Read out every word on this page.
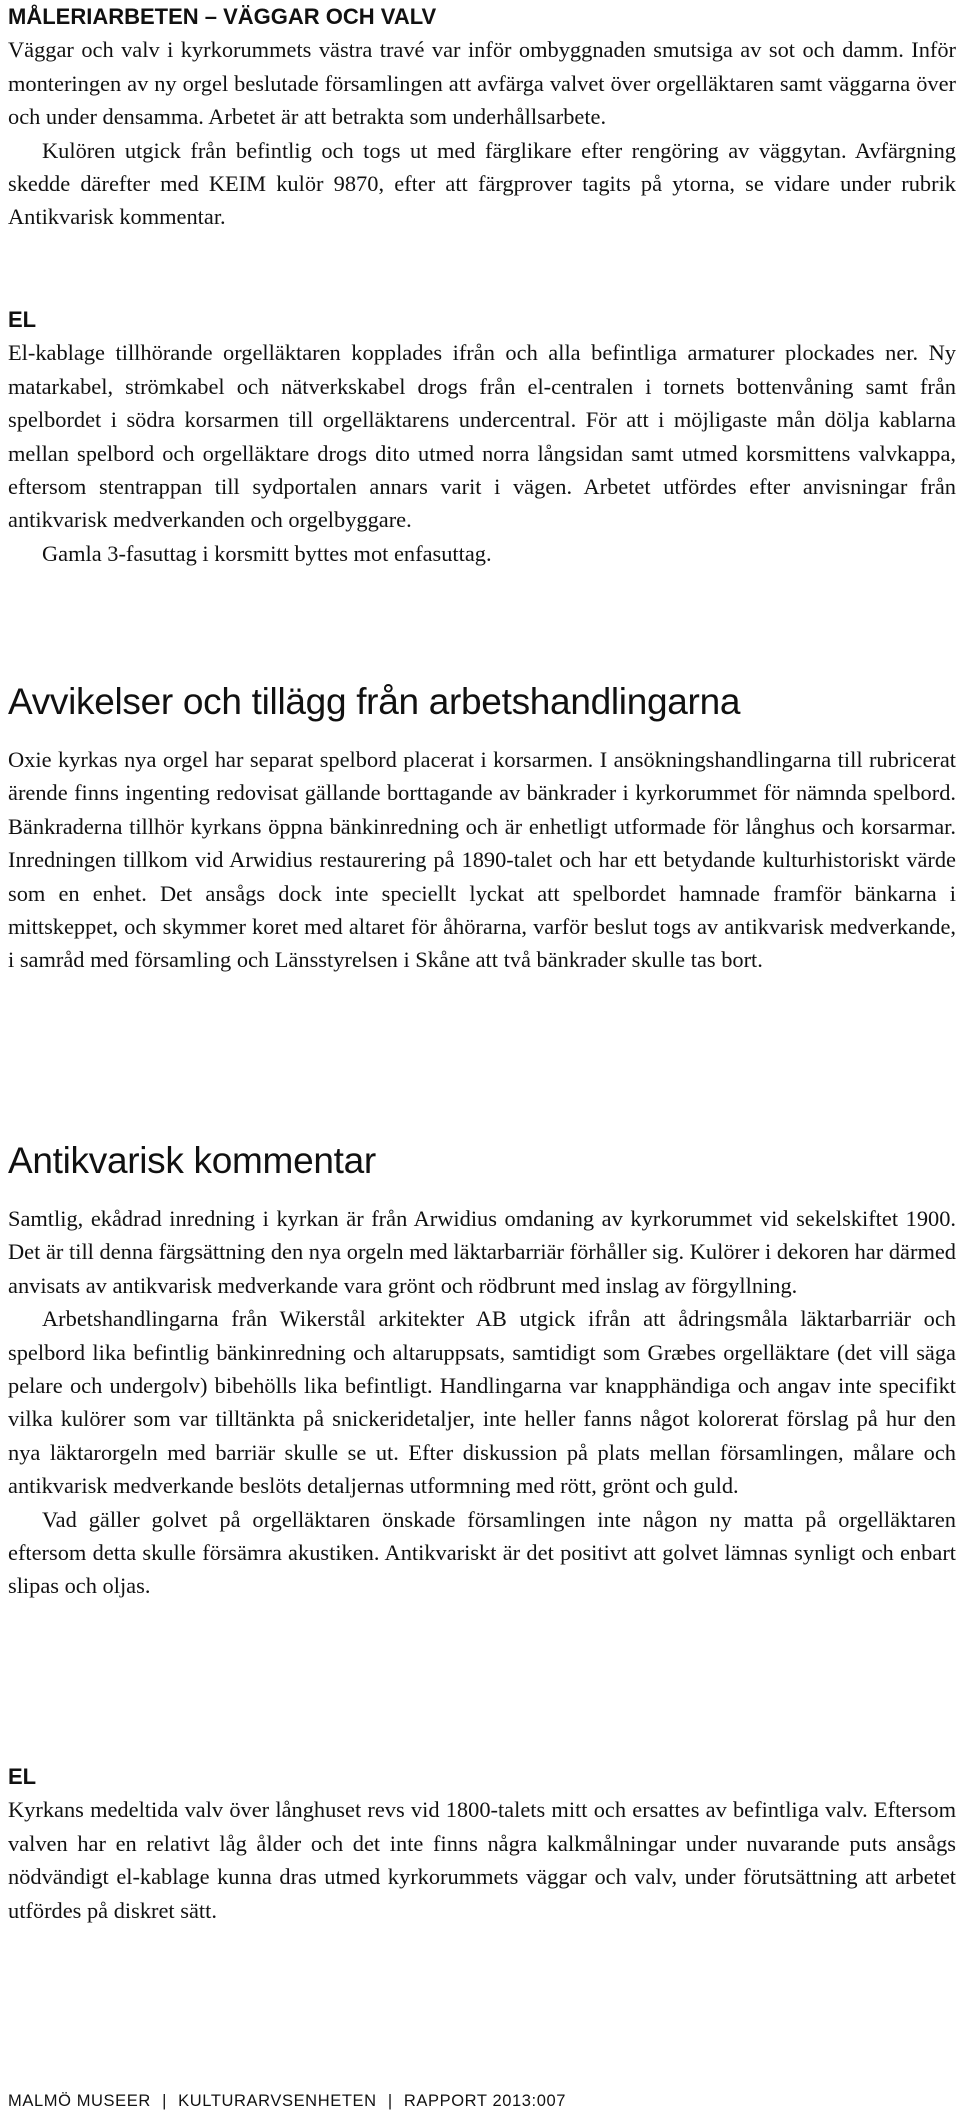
MÅLERIARBETEN – VÄGGAR OCH VALV

Väggar och valv i kyrkorummets västra travé var inför ombyggnaden smutsiga av sot och damm. Inför monteringen av ny orgel beslutade församlingen att avfärga valvet över orgelläktaren samt väggarna över och under densamma. Arbetet är att betrakta som underhållsarbete.

Kulören utgick från befintlig och togs ut med färglikare efter rengöring av väggytan. Avfärgning skedde därefter med KEIM kulör 9870, efter att färgprover tagits på ytorna, se vidare under rubrik Antikvarisk kommentar.

EL

El-kablage tillhörande orgelläktaren kopplades ifrån och alla befintliga armaturer plockades ner. Ny matarkabel, strömkabel och nätverkskabel drogs från el-centralen i tornets bottenvåning samt från spelbordet i södra korsarmen till orgelläktarens undercentral. För att i möjligaste mån dölja kablarna mellan spelbord och orgelläktare drogs dito utmed norra långsidan samt utmed korsmittens valvkappa, eftersom stentrappan till sydportalen annars varit i vägen. Arbetet utfördes efter anvisningar från antikvarisk medverkanden och orgelbyggare.

Gamla 3-fasuttag i korsmitt byttes mot enfasuttag.

Avvikelser och tillägg från arbetshandlingarna

Oxie kyrkas nya orgel har separat spelbord placerat i korsarmen. I ansökningshandlingarna till rubricerat ärende finns ingenting redovisat gällande borttagande av bänkrader i kyrkorummet för nämnda spelbord. Bänkraderna tillhör kyrkans öppna bänkinredning och är enhetligt utformade för långhus och korsarmar. Inredningen tillkom vid Arwidius restaurering på 1890-talet och har ett betydande kulturhistoriskt värde som en enhet. Det ansågs dock inte speciellt lyckat att spelbordet hamnade framför bänkarna i mittskeppet, och skymmer koret med altaret för åhörarna, varför beslut togs av antikvarisk medverkande, i samråd med församling och Länsstyrelsen i Skåne att två bänkrader skulle tas bort.

Antikvarisk kommentar

Samtlig, ekådrad inredning i kyrkan är från Arwidius omdaning av kyrkorummet vid sekelskiftet 1900. Det är till denna färgsättning den nya orgeln med läktarbarriär förhåller sig. Kulörer i dekoren har därmed anvisats av antikvarisk medverkande vara grönt och rödbrunt med inslag av förgyllning.

Arbetshandlingarna från Wikerstål arkitekter AB utgick ifrån att ådringsmåla läktarbarriär och spelbord lika befintlig bänkinredning och altaruppsats, samtidigt som Græbes orgelläktare (det vill säga pelare och undergolv) bibehölls lika befintligt. Handlingarna var knapphändiga och angav inte specifikt vilka kulörer som var tilltänkta på snickeridetaljer, inte heller fanns något kolorerat förslag på hur den nya läktarorgeln med barriär skulle se ut. Efter diskussion på plats mellan församlingen, målare och antikvarisk medverkande beslöts detaljernas utformning med rött, grönt och guld.

Vad gäller golvet på orgelläktaren önskade församlingen inte någon ny matta på orgelläktaren eftersom detta skulle försämra akustiken. Antikvariskt är det positivt att golvet lämnas synligt och enbart slipas och oljas.

EL

Kyrkans medeltida valv över långhuset revs vid 1800-talets mitt och ersattes av befintliga valv. Eftersom valven har en relativt låg ålder och det inte finns några kalkmålningar under nuvarande puts ansågs nödvändigt el-kablage kunna dras utmed kyrkorummets väggar och valv, under förutsättning att arbetet utfördes på diskret sätt.

MALMÖ MUSEER | KULTURARVSENHETEN | RAPPORT 2013:007
